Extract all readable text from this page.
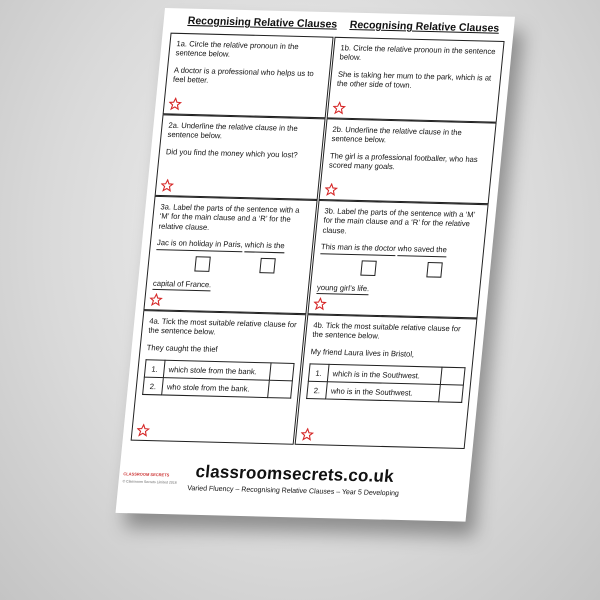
Recognising Relative Clauses Recognising Relative Clauses

1a. Circle the relative pronoun in the sentence below.

A doctor is a professional who helps us to feel better.

1b. Circle the relative pronoun in the sentence below.

She is taking her mum to the park, which is at the other side of town.

2a. Underline the relative clause in the sentence below.

Did you find the money which you lost?

2b. Underline the relative clause in the sentence below.

The girl is a professional footballer, who has scored many goals.

3a. Label the parts of the sentence with a ‘M’ for the main clause and a ‘R’ for the relative clause.

Jac is on holiday in Paris, which is the
capital of France.

3b. Label the parts of the sentence with a ‘M’ for the main clause and a ‘R’ for the relative clause.

This man is the doctor who saved the
young girl’s life.

4a. Tick the most suitable relative clause for the sentence below.

They caught the thief

1.	which stole from the bank.	
2.	who stole from the bank.	

4b. Tick the most suitable relative clause for the sentence below.

My friend Laura lives in Bristol,

1.	which is in the Southwest.	
2.	who is in the Southwest.	
CLASSROOM SECRETS
© Classroom Secrets Limited 2018	classroomsecrets.co.uk
Varied Fluency – Recognising Relative Clauses – Year 5 Developing
